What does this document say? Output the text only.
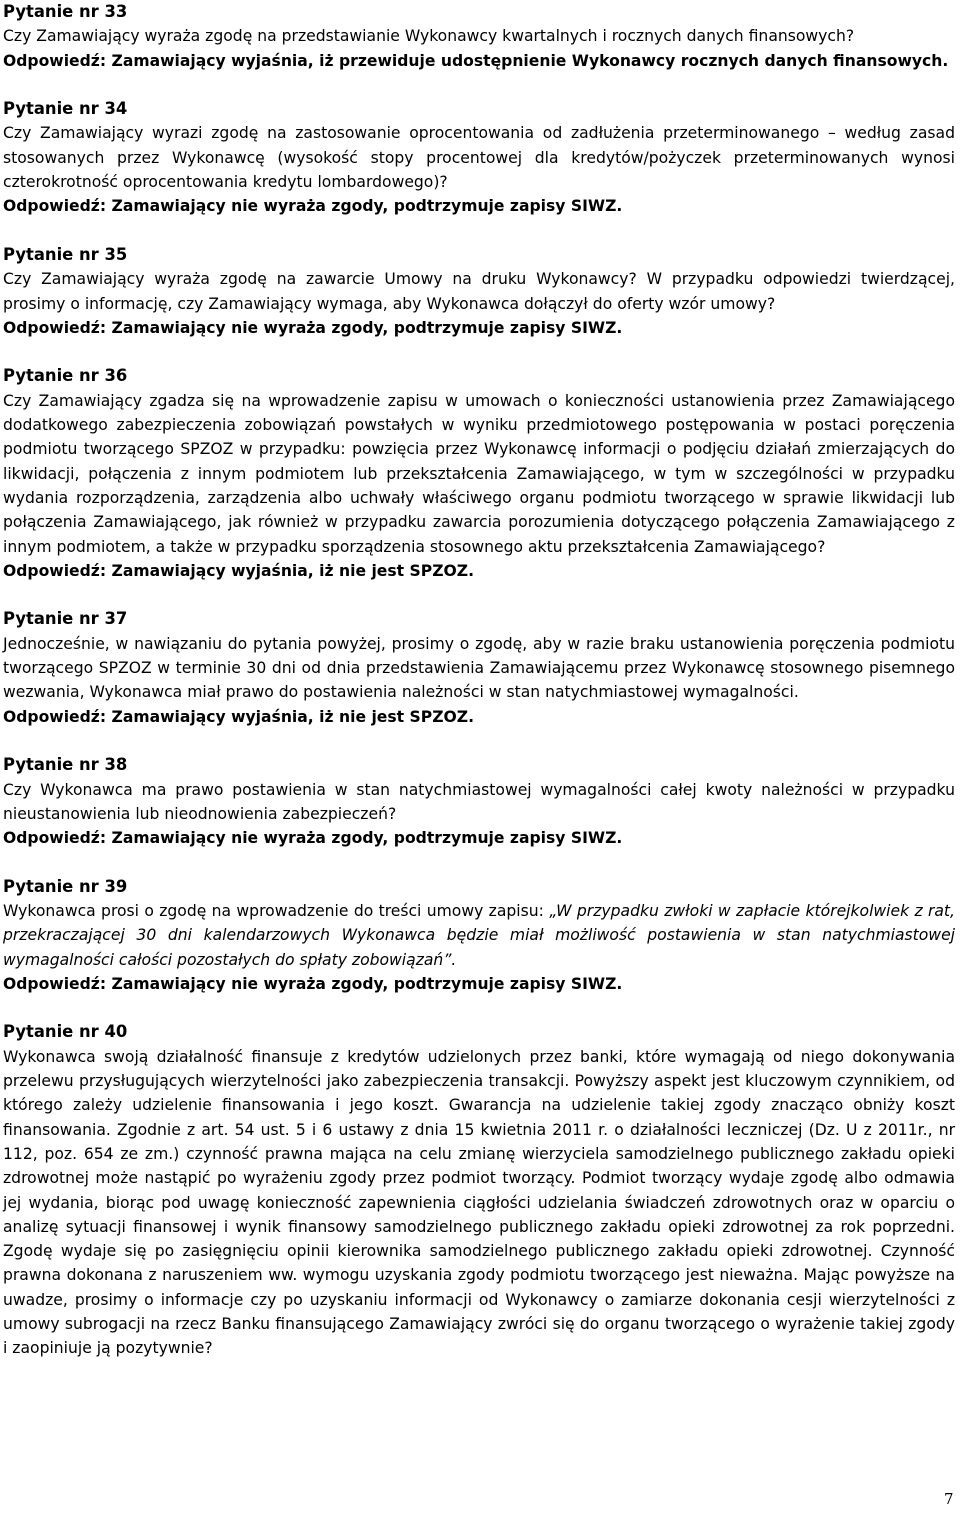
Pytanie nr 33

Czy Zamawiający wyraża zgodę na przedstawianie Wykonawcy kwartalnych i rocznych danych finansowych?

Odpowiedź: Zamawiający wyjaśnia, iż przewiduje udostępnienie Wykonawcy rocznych danych finansowych.

Pytanie nr 34

Czy Zamawiający wyrazi zgodę na zastosowanie oprocentowania od zadłużenia przeterminowanego – według zasad stosowanych przez Wykonawcę (wysokość stopy procentowej dla kredytów/pożyczek przeterminowanych wynosi czterokrotność oprocentowania kredytu lombardowego)?

Odpowiedź: Zamawiający nie wyraża zgody, podtrzymuje zapisy SIWZ.

Pytanie nr 35

Czy Zamawiający wyraża zgodę na zawarcie Umowy na druku Wykonawcy? W przypadku odpowiedzi twierdzącej, prosimy o informację, czy Zamawiający wymaga, aby Wykonawca dołączył do oferty wzór umowy?

Odpowiedź: Zamawiający nie wyraża zgody, podtrzymuje zapisy SIWZ.

Pytanie nr 36

Czy Zamawiający zgadza się na wprowadzenie zapisu w umowach o konieczności ustanowienia przez Zamawiającego dodatkowego zabezpieczenia zobowiązań powstałych w wyniku przedmiotowego postępowania w postaci poręczenia podmiotu tworzącego SPZOZ w przypadku: powzięcia przez Wykonawcę informacji o podjęciu działań zmierzających do likwidacji, połączenia z innym podmiotem lub przekształcenia Zamawiającego, w tym w szczególności w przypadku wydania rozporządzenia, zarządzenia albo uchwały właściwego organu podmiotu tworzącego w sprawie likwidacji lub połączenia Zamawiającego, jak również w przypadku zawarcia porozumienia dotyczącego połączenia Zamawiającego z innym podmiotem, a także w przypadku sporządzenia stosownego aktu przekształcenia Zamawiającego?

Odpowiedź: Zamawiający wyjaśnia, iż nie jest SPZOZ.

Pytanie nr 37

Jednocześnie, w nawiązaniu do pytania powyżej, prosimy o zgodę, aby w razie braku ustanowienia poręczenia podmiotu tworzącego SPZOZ w terminie 30 dni od dnia przedstawienia Zamawiającemu przez Wykonawcę stosownego pisemnego wezwania, Wykonawca miał prawo do postawienia należności w stan natychmiastowej wymagalności.

Odpowiedź: Zamawiający wyjaśnia, iż nie jest SPZOZ.

Pytanie nr 38

Czy Wykonawca ma prawo postawienia w stan natychmiastowej wymagalności całej kwoty należności w przypadku nieustanowienia lub nieodnowienia zabezpieczeń?

Odpowiedź: Zamawiający nie wyraża zgody, podtrzymuje zapisy SIWZ.

Pytanie nr 39

Wykonawca prosi o zgodę na wprowadzenie do treści umowy zapisu: „W przypadku zwłoki w zapłacie którejkolwiek z rat, przekraczającej 30 dni kalendarzowych Wykonawca będzie miał możliwość postawienia w stan natychmiastowej wymagalności całości pozostałych do spłaty zobowiązań”.

Odpowiedź: Zamawiający nie wyraża zgody, podtrzymuje zapisy SIWZ.

Pytanie nr 40

Wykonawca swoją działalność finansuje z kredytów udzielonych przez banki, które wymagają od niego dokonywania przelewu przysługujących wierzytelności jako zabezpieczenia transakcji. Powyższy aspekt jest kluczowym czynnikiem, od którego zależy udzielenie finansowania i jego koszt. Gwarancja na udzielenie takiej zgody znacząco obniży koszt finansowania. Zgodnie z art. 54 ust. 5 i 6 ustawy z dnia 15 kwietnia 2011 r. o działalności leczniczej (Dz. U z 2011r., nr 112, poz. 654 ze zm.) czynność prawna mająca na celu zmianę wierzyciela samodzielnego publicznego zakładu opieki zdrowotnej może nastąpić po wyrażeniu zgody przez podmiot tworzący. Podmiot tworzący wydaje zgodę albo odmawia jej wydania, biorąc pod uwagę konieczność zapewnienia ciągłości udzielania świadczeń zdrowotnych oraz w oparciu o analizę sytuacji finansowej i wynik finansowy samodzielnego publicznego zakładu opieki zdrowotnej za rok poprzedni. Zgodę wydaje się po zasięgnięciu opinii kierownika samodzielnego publicznego zakładu opieki zdrowotnej. Czynność prawna dokonana z naruszeniem ww. wymogu uzyskania zgody podmiotu tworzącego jest nieważna. Mając powyższe na uwadze, prosimy o informacje czy po uzyskaniu informacji od Wykonawcy o zamiarze dokonania cesji wierzytelności z umowy subrogacji na rzecz Banku finansującego Zamawiający zwróci się do organu tworzącego o wyrażenie takiej zgody i zaopiniuje ją pozytywnie?

7
